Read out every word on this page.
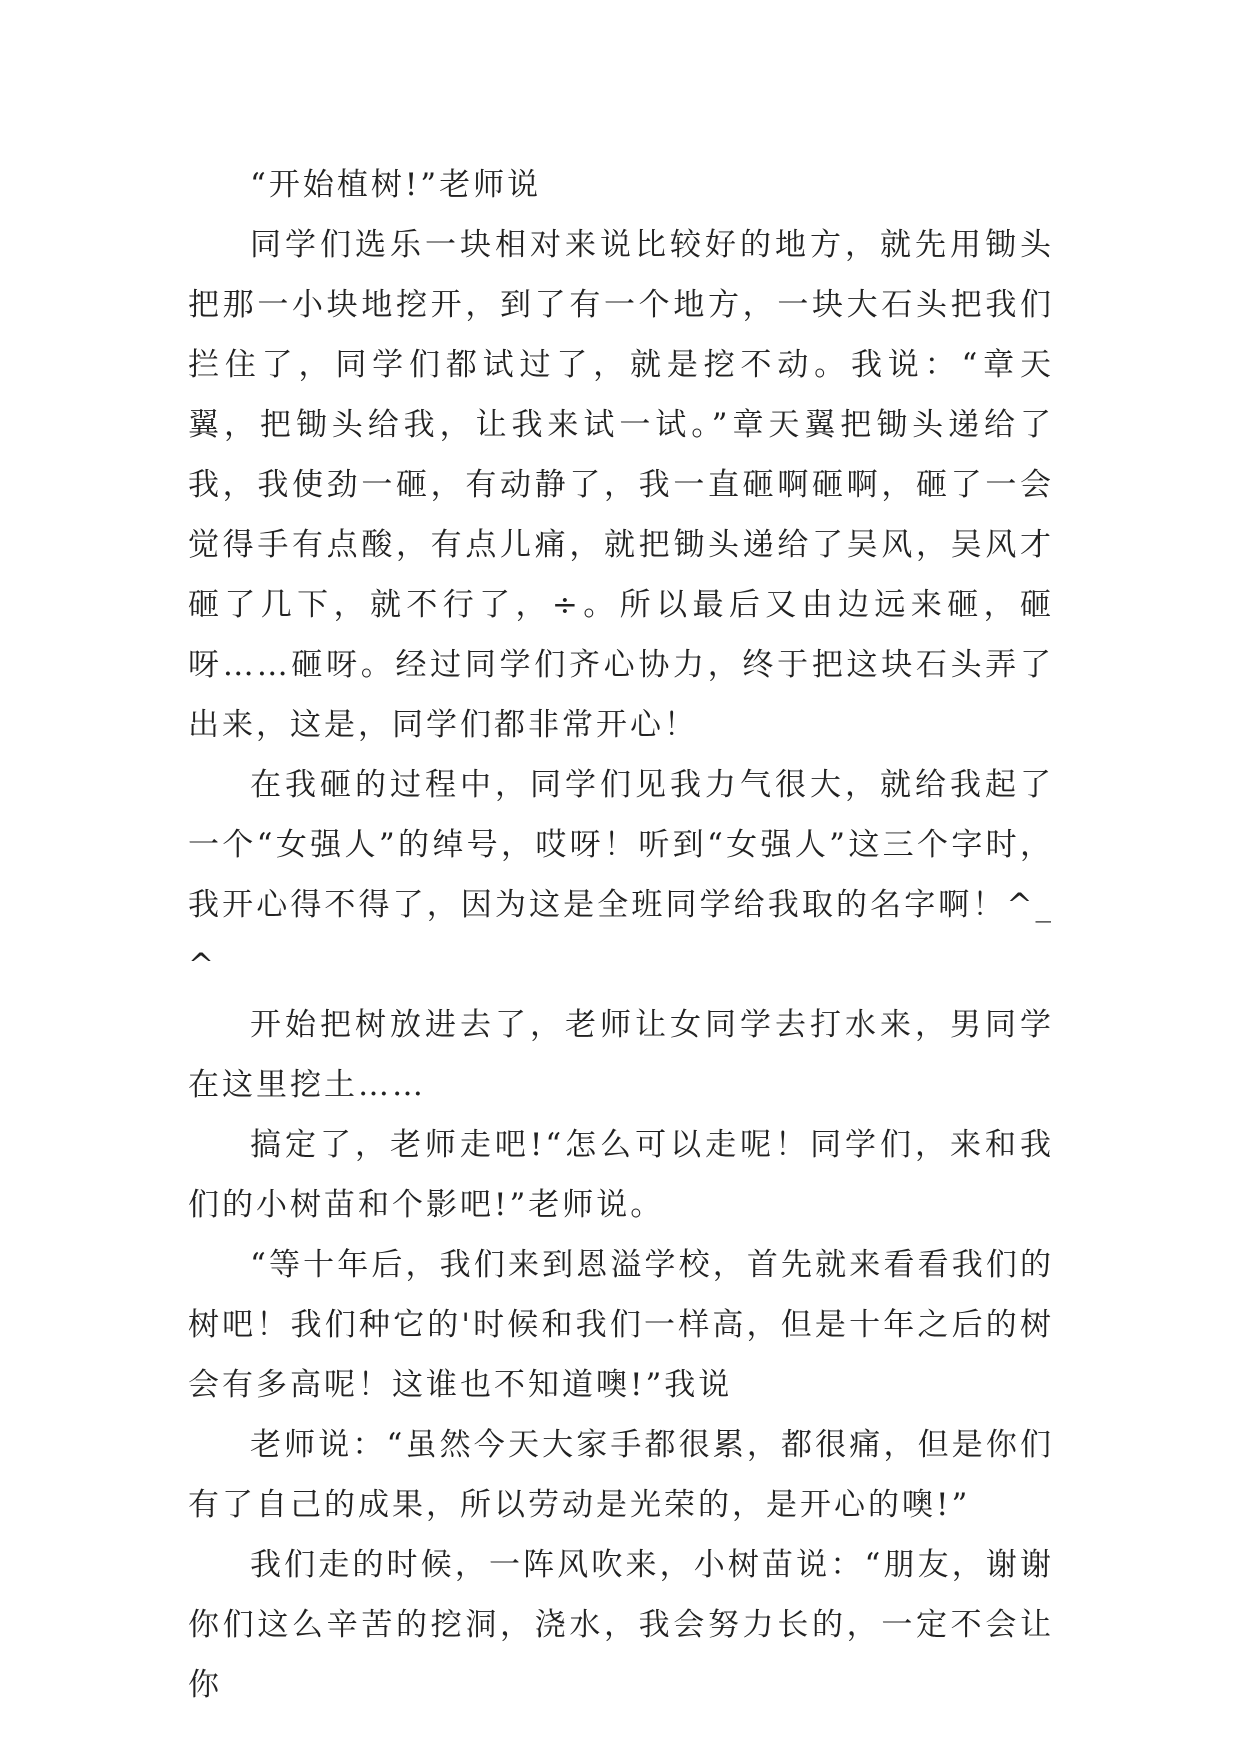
“开始植树!”老师说

同学们选乐一块相对来说比较好的地方，就先用锄头把那一小块地挖开，到了有一个地方，一块大石头把我们拦住了，同学们都试过了，就是挖不动。我说：“章天翼，把锄头给我，让我来试一试。”章天翼把锄头递给了我，我使劲一砸，有动静了，我一直砸啊砸啊，砸了一会觉得手有点酸，有点儿痛，就把锄头递给了吴风，吴风才砸了几下，就不行了，÷。所以最后又由边远来砸，砸呀……砸呀。经过同学们齐心协力，终于把这块石头弄了出来，这是，同学们都非常开心！

在我砸的过程中，同学们见我力气很大，就给我起了一个“女强人”的绰号，哎呀！听到“女强人”这三个字时，我开心得不得了，因为这是全班同学给我取的名字啊！^_^

开始把树放进去了，老师让女同学去打水来，男同学在这里挖土……

搞定了，老师走吧!“怎么可以走呢！同学们，来和我们的小树苗和个影吧!”老师说。

“等十年后，我们来到恩溢学校，首先就来看看我们的树吧！我们种它的'时候和我们一样高，但是十年之后的树会有多高呢！这谁也不知道噢!”我说

老师说：“虽然今天大家手都很累，都很痛，但是你们有了自己的成果，所以劳动是光荣的，是开心的噢!”

我们走的时候，一阵风吹来，小树苗说：“朋友，谢谢你们这么辛苦的挖洞，浇水，我会努力长的，一定不会让你
